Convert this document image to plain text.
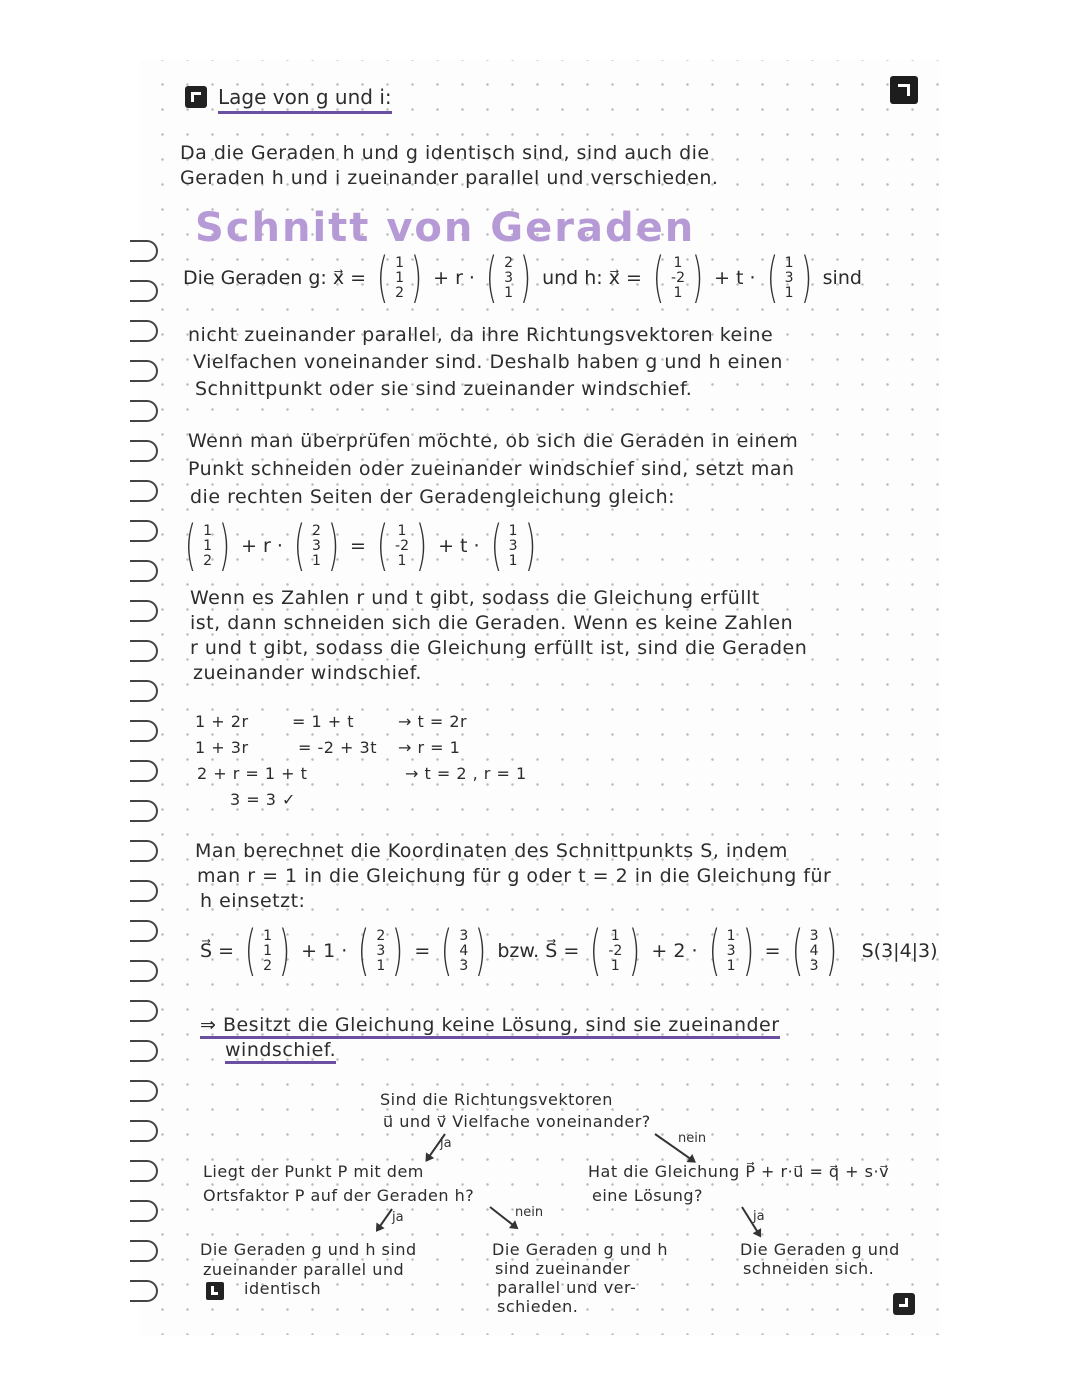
Lage von g und i:
Da die Geraden h und g identisch sind, sind auch die
Geraden h und i zueinander parallel und verschieden.
Schnitt von Geraden
Die Geraden g: x⃗ = ( 1
1
2 ) + r · ( 2
3
1 ) und h: x⃗ = ( 1
-2
1 ) + t · ( 1
3
1 ) sind
nicht zueinander parallel, da ihre Richtungsvektoren keine
Vielfachen voneinander sind. Deshalb haben g und h einen
Schnittpunkt oder sie sind zueinander windschief.
Wenn man überprüfen möchte, ob sich die Geraden in einem
Punkt schneiden oder zueinander windschief sind, setzt man
die rechten Seiten der Geradengleichung gleich:
( 1
1
2 ) + r · ( 2
3
1 ) = ( 1
-2
1 ) + t · ( 1
3
1 )
Wenn es Zahlen r und t gibt, sodass die Gleichung erfüllt
ist, dann schneiden sich die Geraden. Wenn es keine Zahlen
r und t gibt, sodass die Gleichung erfüllt ist, sind die Geraden
zueinander windschief.
1 + 2r	= 1 + t	→ t = 2r
1 + 3r	= -2 + 3t → r = 1
2 + r = 1 + t	→ t = 2 , r = 1
3 = 3 ✓
Man berechnet die Koordinaten des Schnittpunkts S, indem
man r = 1 in die Gleichung für g oder t = 2 in die Gleichung für
h einsetzt:
S⃗ = ( 1
1
2 ) + 1 · ( 2
3
1 ) = ( 3
4
3 ) bzw. S⃗ = ( 1
-2
1 ) + 2 · ( 1
3
1 ) = ( 3
4
3 ) S(3|4|3)
⇒ Besitzt die Gleichung keine Lösung, sind sie zueinander
windschief.
Sind die Richtungsvektoren
u⃗ und v⃗ Vielfache voneinander?
ja	nein
Liegt der Punkt P mit dem
Ortsfaktor P auf der Geraden h?
Hat die Gleichung P⃗ + r·u⃗ = q⃗ + s·v⃗
eine Lösung?
ja	nein	ja
Die Geraden g und h sind
zueinander parallel und
identisch
Die Geraden g und h
sind zueinander
parallel und ver-
schieden.
Die Geraden g und
schneiden sich.
